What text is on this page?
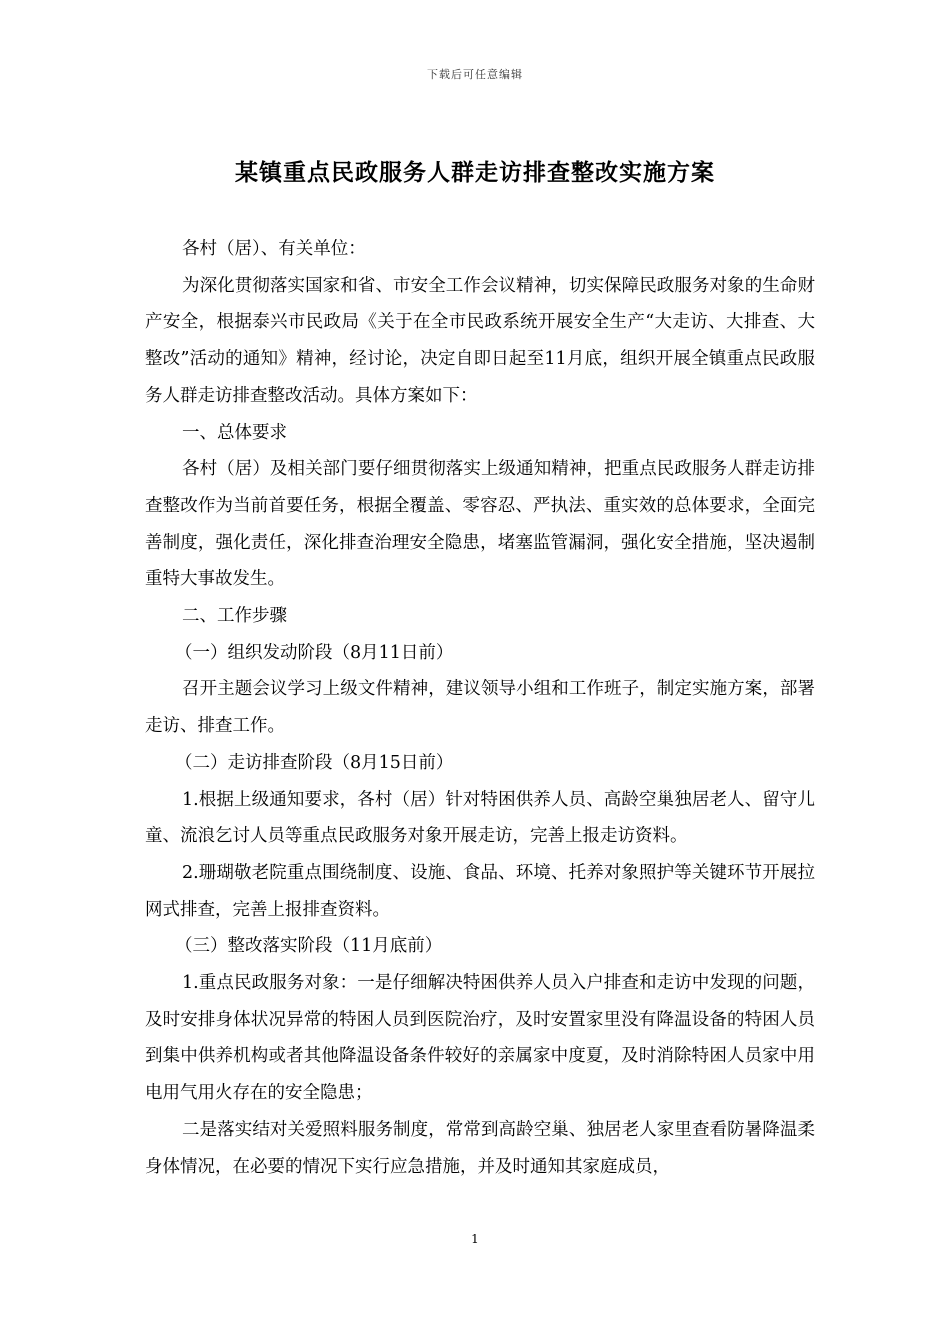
下载后可任意编辑
某镇重点民政服务人群走访排查整改实施方案

各村（居）、有关单位：

为深化贯彻落实国家和省、市安全工作会议精神，切实保障民政服务对象的生命财产安全，根据泰兴市民政局《关于在全市民政系统开展安全生产“大走访、大排查、大整改”活动的通知》精神，经讨论，决定自即日起至11月底，组织开展全镇重点民政服务人群走访排查整改活动。具体方案如下：

一、总体要求

各村（居）及相关部门要仔细贯彻落实上级通知精神，把重点民政服务人群走访排查整改作为当前首要任务，根据全覆盖、零容忍、严执法、重实效的总体要求，全面完善制度，强化责任，深化排查治理安全隐患，堵塞监管漏洞，强化安全措施，坚决遏制重特大事故发生。

二、工作步骤

（一）组织发动阶段（8月11日前）

召开主题会议学习上级文件精神，建议领导小组和工作班子，制定实施方案，部署走访、排查工作。

（二）走访排查阶段（8月15日前）

1.根据上级通知要求，各村（居）针对特困供养人员、高龄空巢独居老人、留守儿童、流浪乞讨人员等重点民政服务对象开展走访，完善上报走访资料。

2.珊瑚敬老院重点围绕制度、设施、食品、环境、托养对象照护等关键环节开展拉网式排查，完善上报排查资料。

（三）整改落实阶段（11月底前）

1.重点民政服务对象：一是仔细解决特困供养人员入户排查和走访中发现的问题，及时安排身体状况异常的特困人员到医院治疗，及时安置家里没有降温设备的特困人员到集中供养机构或者其他降温设备条件较好的亲属家中度夏，及时消除特困人员家中用电用气用火存在的安全隐患；

二是落实结对关爱照料服务制度，常常到高龄空巢、独居老人家里查看防暑降温柔身体情况，在必要的情况下实行应急措施，并及时通知其家庭成员，

1
